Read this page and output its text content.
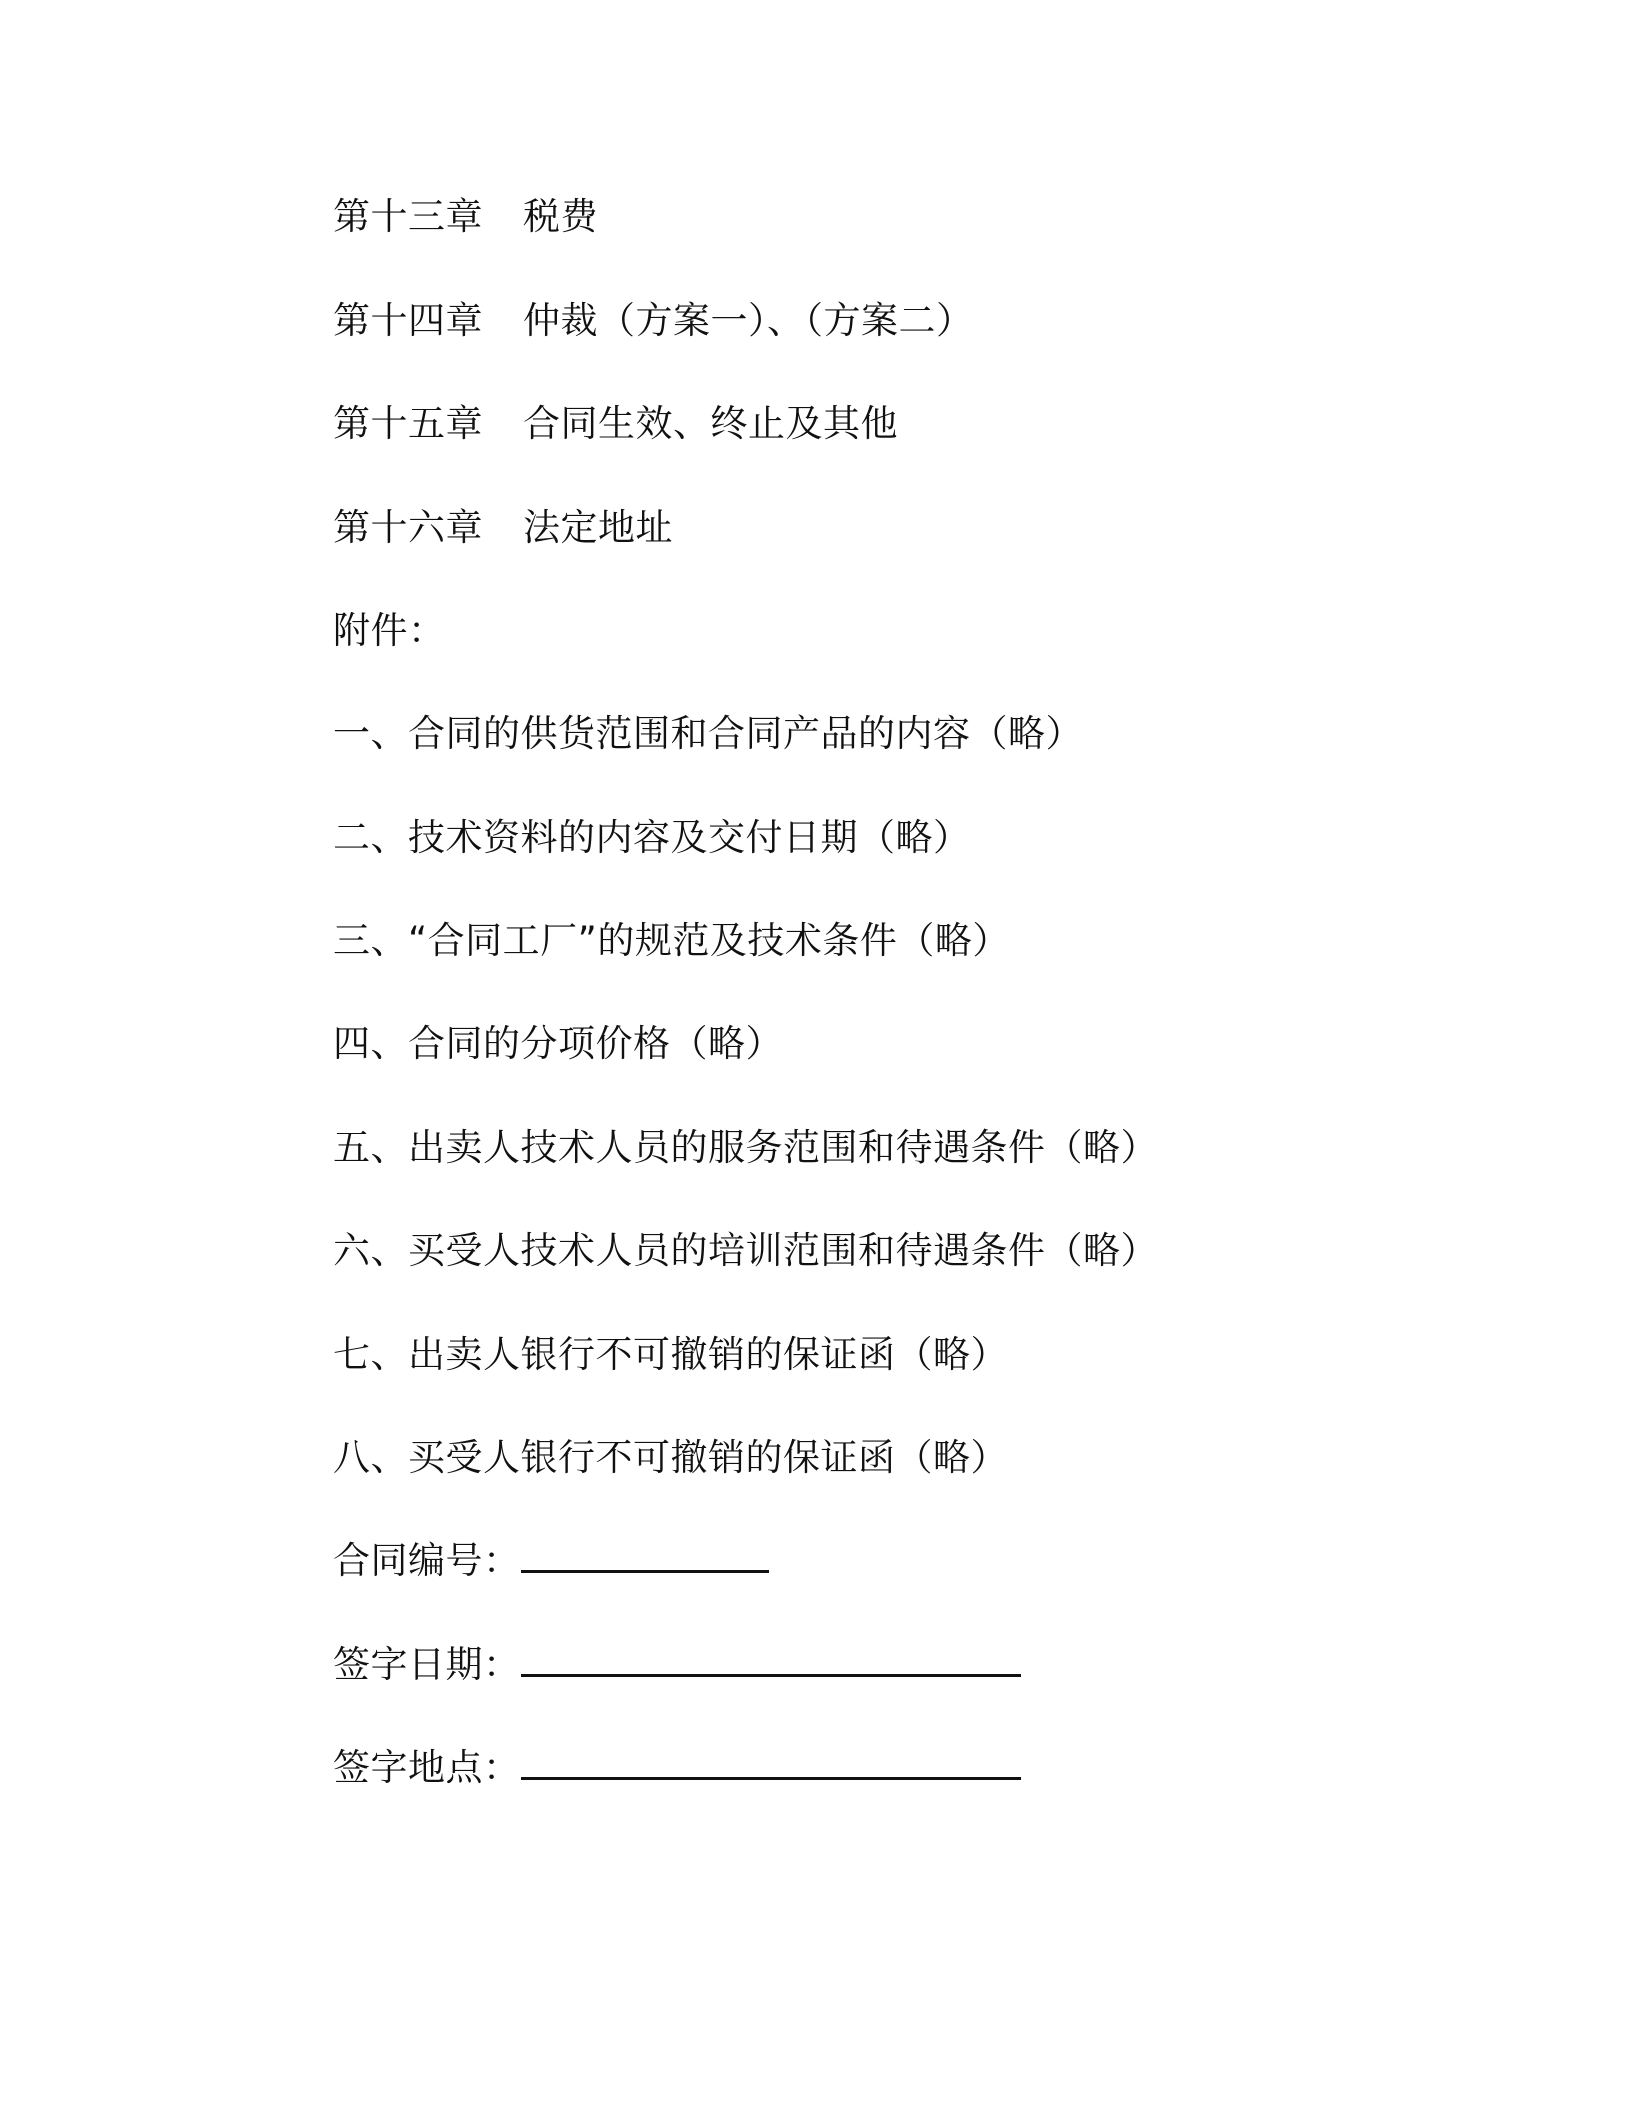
第十三章 税费
第十四章 仲裁（方案一）、（方案二）
第十五章 合同生效、终止及其他
第十六章 法定地址
附件：
一、合同的供货范围和合同产品的内容（略）
二、技术资料的内容及交付日期（略）
三、“合同工厂”的规范及技术条件（略）
四、合同的分项价格（略）
五、出卖人技术人员的服务范围和待遇条件（略）
六、买受人技术人员的培训范围和待遇条件（略）
七、出卖人银行不可撤销的保证函（略）
八、买受人银行不可撤销的保证函（略）
合同编号：
签字日期：
签字地点：
